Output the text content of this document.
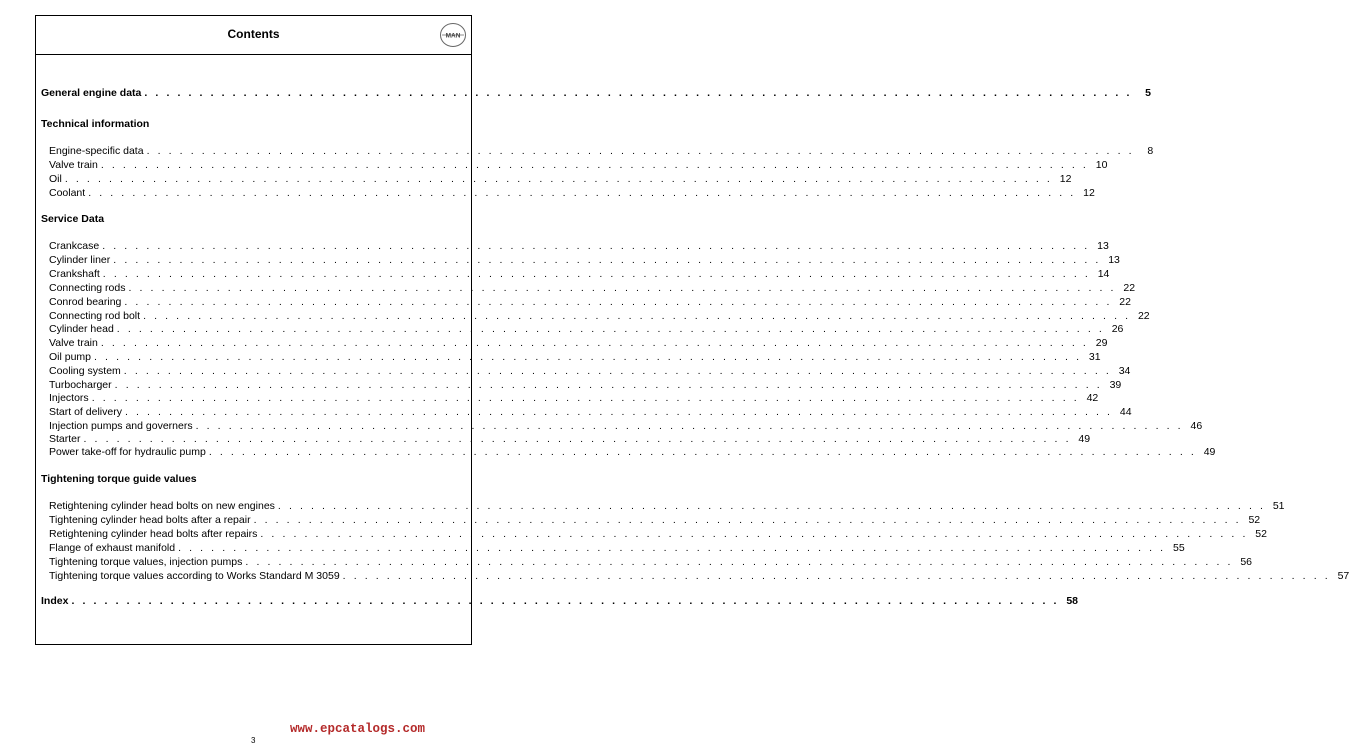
Contents	MAN
General engine data . . . . . . . . . . . . . . . . . . . . . . . . . . . . . . . . . . . . . . . . . . . . . . . . . . . . . . . . . . . . . . . . . . . . . . . . . . . . . . . . . . . . . . . . . .	5
Technical information
Engine-specific data . . . . . . . . . . . . . . . . . . . . . . . . . . . . . . . . . . . . . . . . . . . . . . . . . . . . . . . . . . . . . . . . . . . . . . . . . . . . . . . . . . . . . . . . . .	8
Valve train . . . . . . . . . . . . . . . . . . . . . . . . . . . . . . . . . . . . . . . . . . . . . . . . . . . . . . . . . . . . . . . . . . . . . . . . . . . . . . . . . . . . . . . . . . 10
Oil . . . . . . . . . . . . . . . . . . . . . . . . . . . . . . . . . . . . . . . . . . . . . . . . . . . . . . . . . . . . . . . . . . . . . . . . . . . . . . . . . . . . . . . . . . 12
Coolant . . . . . . . . . . . . . . . . . . . . . . . . . . . . . . . . . . . . . . . . . . . . . . . . . . . . . . . . . . . . . . . . . . . . . . . . . . . . . . . . . . . . . . . . . . 12
Service Data
Crankcase . . . . . . . . . . . . . . . . . . . . . . . . . . . . . . . . . . . . . . . . . . . . . . . . . . . . . . . . . . . . . . . . . . . . . . . . . . . . . . . . . . . . . . . . . . 13
Cylinder liner . . . . . . . . . . . . . . . . . . . . . . . . . . . . . . . . . . . . . . . . . . . . . . . . . . . . . . . . . . . . . . . . . . . . . . . . . . . . . . . . . . . . . . . . . . 13
Crankshaft . . . . . . . . . . . . . . . . . . . . . . . . . . . . . . . . . . . . . . . . . . . . . . . . . . . . . . . . . . . . . . . . . . . . . . . . . . . . . . . . . . . . . . . . . . 14
Connecting rods . . . . . . . . . . . . . . . . . . . . . . . . . . . . . . . . . . . . . . . . . . . . . . . . . . . . . . . . . . . . . . . . . . . . . . . . . . . . . . . . . . . . . . . . . . 22
Conrod bearing . . . . . . . . . . . . . . . . . . . . . . . . . . . . . . . . . . . . . . . . . . . . . . . . . . . . . . . . . . . . . . . . . . . . . . . . . . . . . . . . . . . . . . . . . . 22
Connecting rod bolt . . . . . . . . . . . . . . . . . . . . . . . . . . . . . . . . . . . . . . . . . . . . . . . . . . . . . . . . . . . . . . . . . . . . . . . . . . . . . . . . . . . . . . . . . . 22
Cylinder head . . . . . . . . . . . . . . . . . . . . . . . . . . . . . . . . . . . . . . . . . . . . . . . . . . . . . . . . . . . . . . . . . . . . . . . . . . . . . . . . . . . . . . . . . . 26
Valve train . . . . . . . . . . . . . . . . . . . . . . . . . . . . . . . . . . . . . . . . . . . . . . . . . . . . . . . . . . . . . . . . . . . . . . . . . . . . . . . . . . . . . . . . . . 29
Oil pump . . . . . . . . . . . . . . . . . . . . . . . . . . . . . . . . . . . . . . . . . . . . . . . . . . . . . . . . . . . . . . . . . . . . . . . . . . . . . . . . . . . . . . . . . . 31
Cooling system . . . . . . . . . . . . . . . . . . . . . . . . . . . . . . . . . . . . . . . . . . . . . . . . . . . . . . . . . . . . . . . . . . . . . . . . . . . . . . . . . . . . . . . . . . 34
Turbocharger . . . . . . . . . . . . . . . . . . . . . . . . . . . . . . . . . . . . . . . . . . . . . . . . . . . . . . . . . . . . . . . . . . . . . . . . . . . . . . . . . . . . . . . . . . 39
Injectors . . . . . . . . . . . . . . . . . . . . . . . . . . . . . . . . . . . . . . . . . . . . . . . . . . . . . . . . . . . . . . . . . . . . . . . . . . . . . . . . . . . . . . . . . . 42
Start of delivery . . . . . . . . . . . . . . . . . . . . . . . . . . . . . . . . . . . . . . . . . . . . . . . . . . . . . . . . . . . . . . . . . . . . . . . . . . . . . . . . . . . . . . . . . . 44
Injection pumps and governers . . . . . . . . . . . . . . . . . . . . . . . . . . . . . . . . . . . . . . . . . . . . . . . . . . . . . . . . . . . . . . . . . . . . . . . . . . . . . . . . . . . . . . . . . . 46
Starter . . . . . . . . . . . . . . . . . . . . . . . . . . . . . . . . . . . . . . . . . . . . . . . . . . . . . . . . . . . . . . . . . . . . . . . . . . . . . . . . . . . . . . . . . . 49
Power take-off for hydraulic pump . . . . . . . . . . . . . . . . . . . . . . . . . . . . . . . . . . . . . . . . . . . . . . . . . . . . . . . . . . . . . . . . . . . . . . . . . . . . . . . . . . . . . . . . . . 49
Tightening torque guide values
Retightening cylinder head bolts on new engines . . . . . . . . . . . . . . . . . . . . . . . . . . . . . . . . . . . . . . . . . . . . . . . . . . . . . . . . . . . . . . . . . . . . . . . . . . . . . . . . . . . . . . . . . . 51
Tightening cylinder head bolts after a repair . . . . . . . . . . . . . . . . . . . . . . . . . . . . . . . . . . . . . . . . . . . . . . . . . . . . . . . . . . . . . . . . . . . . . . . . . . . . . . . . . . . . . . . . . . 52
Retightening cylinder head bolts after repairs . . . . . . . . . . . . . . . . . . . . . . . . . . . . . . . . . . . . . . . . . . . . . . . . . . . . . . . . . . . . . . . . . . . . . . . . . . . . . . . . . . . . . . . . . . 52
Flange of exhaust manifold . . . . . . . . . . . . . . . . . . . . . . . . . . . . . . . . . . . . . . . . . . . . . . . . . . . . . . . . . . . . . . . . . . . . . . . . . . . . . . . . . . . . . . . . . . 55
Tightening torque values, injection pumps . . . . . . . . . . . . . . . . . . . . . . . . . . . . . . . . . . . . . . . . . . . . . . . . . . . . . . . . . . . . . . . . . . . . . . . . . . . . . . . . . . . . . . . . . . 56
Tightening torque values according to Works Standard M 3059 . . . . . . . . . . . . . . . . . . . . . . . . . . . . . . . . . . . . . . . . . . . . . . . . . . . . . . . . . . . . . . . . . . . . . . . . . . . . . . . . . . . . . . . . . . 57
Index . . . . . . . . . . . . . . . . . . . . . . . . . . . . . . . . . . . . . . . . . . . . . . . . . . . . . . . . . . . . . . . . . . . . . . . . . . . . . . . . . . . . . . . . . . 58
www.epcatalogs.com
3
